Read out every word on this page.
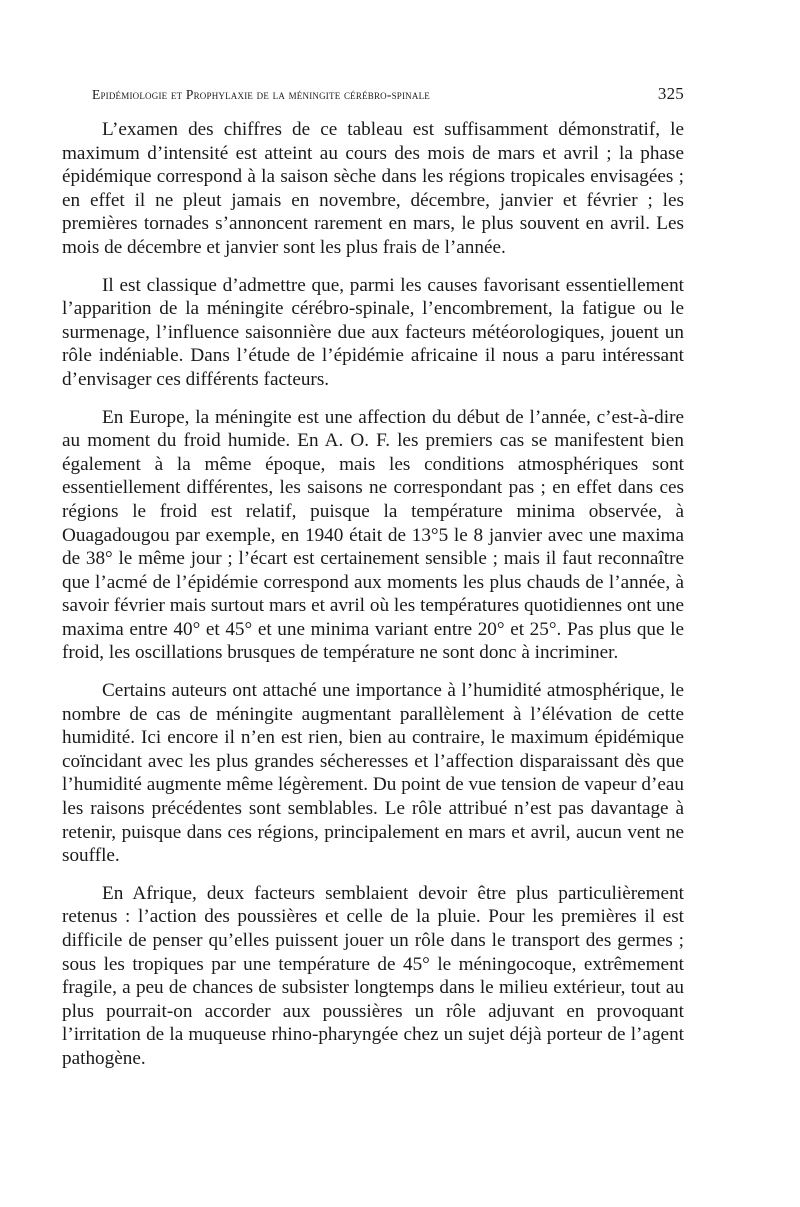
Epidémiologie et Prophylaxie de la méningite cérébro-spinale	325

L’examen des chiffres de ce tableau est suffisamment démonstratif, le maximum d’intensité est atteint au cours des mois de mars et avril ; la phase épidémique correspond à la saison sèche dans les régions tropicales envisagées ; en effet il ne pleut jamais en novembre, décembre, janvier et février ; les premières tornades s’annoncent rarement en mars, le plus souvent en avril. Les mois de décembre et janvier sont les plus frais de l’année.

Il est classique d’admettre que, parmi les causes favorisant essentiellement l’apparition de la méningite cérébro-spinale, l’encombrement, la fatigue ou le surmenage, l’influence saisonnière due aux facteurs météorologiques, jouent un rôle indéniable. Dans l’étude de l’épidémie africaine il nous a paru intéressant d’envisager ces différents facteurs.

En Europe, la méningite est une affection du début de l’année, c’est-à-dire au moment du froid humide. En A. O. F. les premiers cas se manifestent bien également à la même époque, mais les conditions atmosphériques sont essentiellement différentes, les saisons ne correspondant pas ; en effet dans ces régions le froid est relatif, puisque la température minima observée, à Ouagadougou par exemple, en 1940 était de 13°5 le 8 janvier avec une maxima de 38° le même jour ; l’écart est certainement sensible ; mais il faut reconnaître que l’acmé de l’épidémie correspond aux moments les plus chauds de l’année, à savoir février mais surtout mars et avril où les températures quotidiennes ont une maxima entre 40° et 45° et une minima variant entre 20° et 25°. Pas plus que le froid, les oscillations brusques de température ne sont donc à incriminer.

Certains auteurs ont attaché une importance à l’humidité atmosphérique, le nombre de cas de méningite augmentant parallèlement à l’élévation de cette humidité. Ici encore il n’en est rien, bien au contraire, le maximum épidémique coïncidant avec les plus grandes sécheresses et l’affection disparaissant dès que l’humidité augmente même légèrement. Du point de vue tension de vapeur d’eau les raisons précédentes sont semblables. Le rôle attribué n’est pas davantage à retenir, puisque dans ces régions, principalement en mars et avril, aucun vent ne souffle.

En Afrique, deux facteurs semblaient devoir être plus particulièrement retenus : l’action des poussières et celle de la pluie. Pour les premières il est difficile de penser qu’elles puissent jouer un rôle dans le transport des germes ; sous les tropiques par une température de 45° le méningocoque, extrêmement fragile, a peu de chances de subsister longtemps dans le milieu extérieur, tout au plus pourrait-on accorder aux poussières un rôle adjuvant en provoquant l’irritation de la muqueuse rhino-pharyngée chez un sujet déjà porteur de l’agent pathogène.
